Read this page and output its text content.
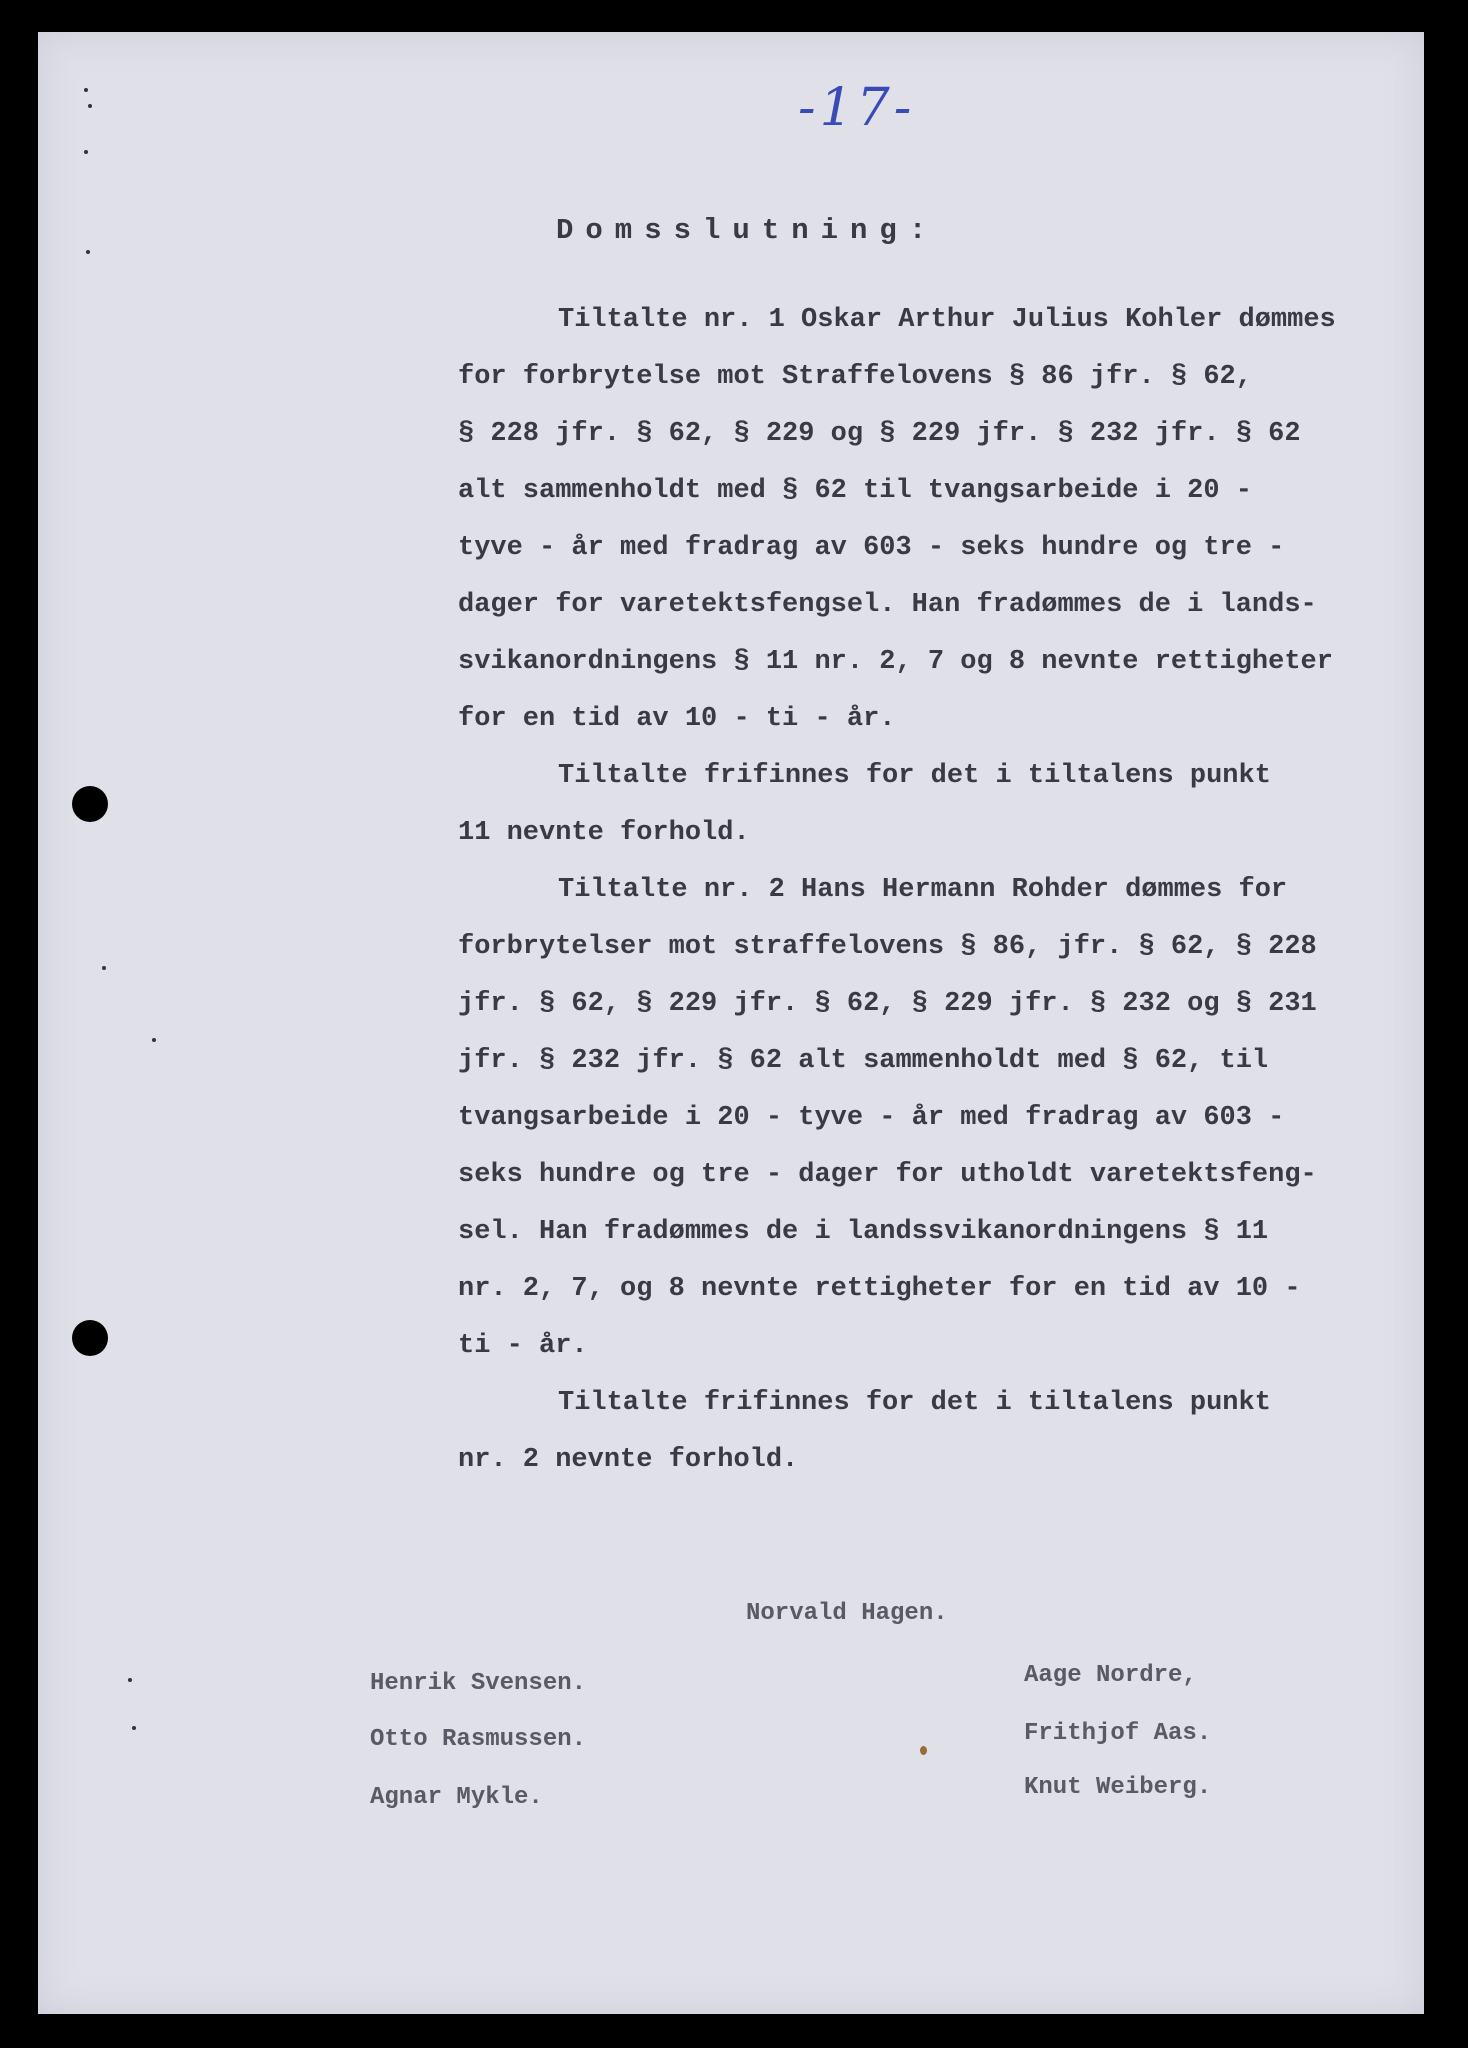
-17-
Domsslutning:
Tiltalte nr. 1 Oskar Arthur Julius Kohler dømmes
for forbrytelse mot Straffelovens § 86 jfr. § 62,
§ 228 jfr. § 62, § 229 og § 229 jfr. § 232 jfr. § 62
alt sammenholdt med § 62 til tvangsarbeide i 20 -
tyve - år med fradrag av 603 - seks hundre og tre -
dager for varetektsfengsel. Han fradømmes de i lands-
svikanordningens § 11 nr. 2, 7 og 8 nevnte rettigheter
for en tid av 10 - ti - år.
Tiltalte frifinnes for det i tiltalens punkt
11 nevnte forhold.
Tiltalte nr. 2 Hans Hermann Rohder dømmes for
forbrytelser mot straffelovens § 86, jfr. § 62, § 228
jfr. § 62, § 229 jfr. § 62, § 229 jfr. § 232 og § 231
jfr. § 232 jfr. § 62 alt sammenholdt med § 62, til
tvangsarbeide i 20 - tyve - år med fradrag av 603 -
seks hundre og tre - dager for utholdt varetektsfeng-
sel. Han fradømmes de i landssvikanordningens § 11
nr. 2, 7, og 8 nevnte rettigheter for en tid av 10 -
ti - år.
Tiltalte frifinnes for det i tiltalens punkt
nr. 2 nevnte forhold.
Norvald Hagen.
Henrik Svensen.
Otto Rasmussen.
Agnar Mykle.
Aage Nordre,
Frithjof Aas.
Knut Weiberg.
